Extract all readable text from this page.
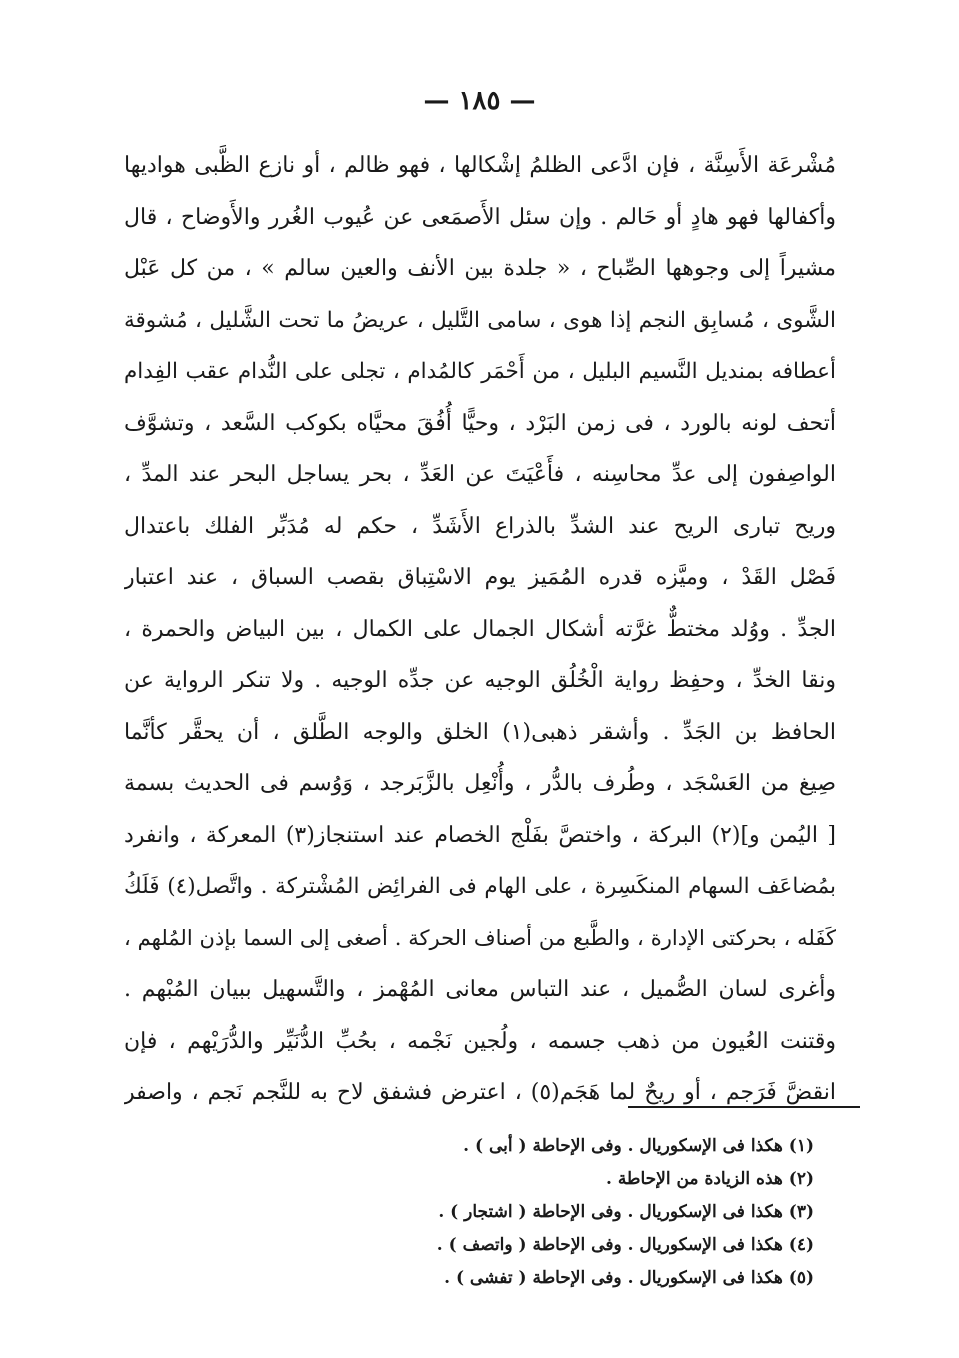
— ١٨٥ —
مُشْرعَة الأَسِنَّة ، فإن ادَّعى الظلمُ إشْكالها ، فهو ظالم ، أو نازع الظَّبى هواديها
وأكفالها فهو هادٍ أو حَالم . وإن سئل الأَصمَعى عن عُيوب الغُرر والأَوضاح ، قال
مشيراً إلى وجوهها الصِّباح ، « جلدة بين الأنف والعين سالم » ، من كل عَبْل
الشَّوى ، مُسابِق النجم إذا هوى ، سامى التَّليل ، عريضُ ما تحت الشَّليل ، مُشوقة
أعطافه بمنديل النَّسيم البليل ، من أَحْمَر كالمُدام ، تجلى على النُّدام عقب الفِدام
أتحف لونه بالورد ، فى زمن البَرْد ، وحيًّا أُفُقَ محيَّاه بكوكب السَّعد ، وتشوَّف
الواصِفون إلى عدِّ محاسِنه ، فأَعْيَتَ عن العَدِّ ، بحر يساجل البحر عند المدِّ ،
وريح تبارى الريح عند الشدِّ بالذراع الأَشَدِّ ، حكم له مُدَبِّر الفلك باعتدال
فَصْل القَدْ ، وميَّزه قدره المُمَيز يوم الاسْتِباق بقصب السباق ، عند اعتبار
الجدِّ . ووُلد مختطٌّ غرَّته أشكال الجمال على الكمال ، بين البياض والحمرة ،
ونقا الخدِّ ، وحفِظ رواية الْخُلُق الوجيه عن جدِّه الوجيه . ولا تنكر الرواية عن
الحافظ بن الجَدِّ . وأشقر ذهبى(١) الخلق والوجه الطَّلق ، أن يحقَّر كأنَّما
صِيغ من العَسْجَد ، وطُرف بالدُّر ، وأُنْعِل بالزَّبَرجد ، وَوُسم فى الحديث بسمة
[ اليُمن و](٢) البركة ، واختصَّ بفَلْج الخصام عند استنجاز(٣) المعركة ، وانفرد
بمُضاعَف السهام المنكَسِرة ، على الهام فى الفرائِض المُشْتركة . واتَّصل(٤) فَلَكُ
كَفَله ، بحركتى الإدارة ، والطَّبع من أصناف الحركة . أصغى إلى السما بإذن المُلهم ،
وأغرى لسان الصُّميل ، عند التباس معانى المُهْمز ، والتَّسهيل ببيان المُبْهم .
وقتنت العُيون من ذهب جسمه ، ولُجين نَجْمه ، بحُبِّ الدُّنَيِّر والدُّرَيْهم ، فإن
انقضَّ فَرَجم ، أو ريحٌ لما هَجَم(٥) ، اعترض فشفق لاح به للنَّجم نَجم ، واصفر
(١) هكذا فى الإسكوريال . وفى الإحاطة ( أبى ) .
(٢) هذه الزيادة من الإحاطة .
(٣) هكذا فى الإسكوريال . وفى الإحاطة ( اشتجار ) .
(٤) هكذا فى الإسكوريال . وفى الإحاطة ( واتصف ) .
(٥) هكذا فى الإسكوريال . وفى الإحاطة ( تفشى ) .
